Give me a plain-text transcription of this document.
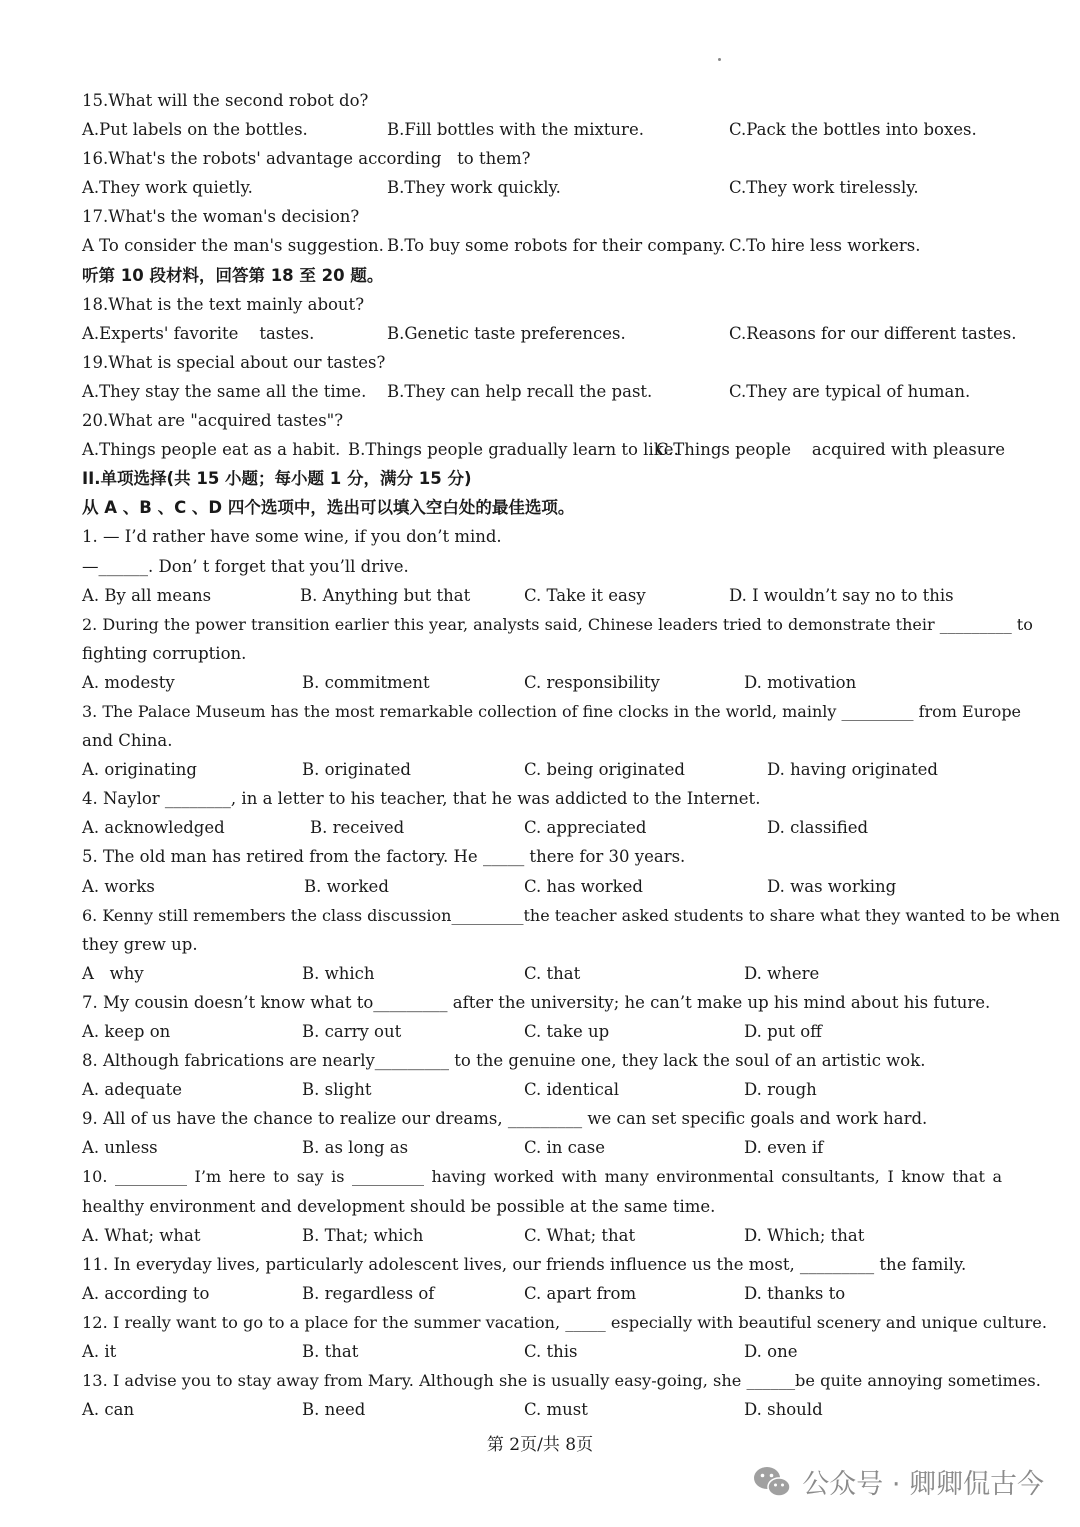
15.What will the second robot do?
A.Put labels on the bottles.	B.Fill bottles with the mixture.	C.Pack the bottles into boxes.
16.What's the robots' advantage according   to them?
A.They work quietly.	B.They work quickly.	C.They work tirelessly.
17.What's the woman's decision?
A To consider the man's suggestion. B.To buy some robots for their company. C.To hire less workers.
听第 10 段材料，回答第 18 至 20 题。
18.What is the text mainly about?
A.Experts' favorite    tastes.	B.Genetic taste preferences.	C.Reasons for our different tastes.
19.What is special about our tastes?
A.They stay the same all the time. B.They can help recall the past.	C.They are typical of human.
20.What are "acquired tastes"?
A.Things people eat as a habit. B.Things people gradually learn to like.
C.Things people    acquired with pleasure
II.单项选择(共 15 小题；每小题 1 分，满分 15 分)
从 A 、B 、C 、D 四个选项中，选出可以填入空白处的最佳选项。
1. — I’d rather have some wine, if you don’t mind.
—______. Don’ t forget that you’ll drive.
A. By all means	B. Anything but that	C. Take it easy	D. I wouldn’t say no to this
2. During the power transition earlier this year, analysts said, Chinese leaders tried to demonstrate their _________ to
fighting corruption.
A. modesty	B. commitment	C. responsibility	D. motivation
3. The Palace Museum has the most remarkable collection of fine clocks in the world, mainly _________ from Europe
and China.
A. originating	B. originated	C. being originated	D. having originated
4. Naylor ________, in a letter to his teacher, that he was addicted to the Internet.
A. acknowledged	B. received	C. appreciated	D. classified
5. The old man has retired from the factory. He _____ there for 30 years.
A. works	B. worked	C. has worked	D. was working
6. Kenny still remembers the class discussion_________the teacher asked students to share what they wanted to be when
they grew up.
A   why	B. which	C. that	D. where
7. My cousin doesn’t know what to_________ after the university; he can’t make up his mind about his future.
A. keep on	B. carry out	C. take up	D. put off
8. Although fabrications are nearly_________ to the genuine one, they lack the soul of an artistic wok.
A. adequate	B. slight	C. identical	D. rough
9. All of us have the chance to realize our dreams, _________ we can set specific goals and work hard.
A. unless	B. as long as	C. in case	D. even if
10. _________ I’m here to say is _________ having worked with many environmental consultants, I know that a
healthy environment and development should be possible at the same time.
A. What; what	B. That; which	C. What; that	D. Which; that
11. In everyday lives, particularly adolescent lives, our friends influence us the most, _________ the family.
A. according to	B. regardless of	C. apart from	D. thanks to
12. I really want to go to a place for the summer vacation, _____ especially with beautiful scenery and unique culture.
A. it	B. that	C. this	D. one
13. I advise you to stay away from Mary. Although she is usually easy-going, she ______be quite annoying sometimes.
A. can	B. need	C. must	D. should
第 2页/共 8页
公众号 · 卿卿侃古今
